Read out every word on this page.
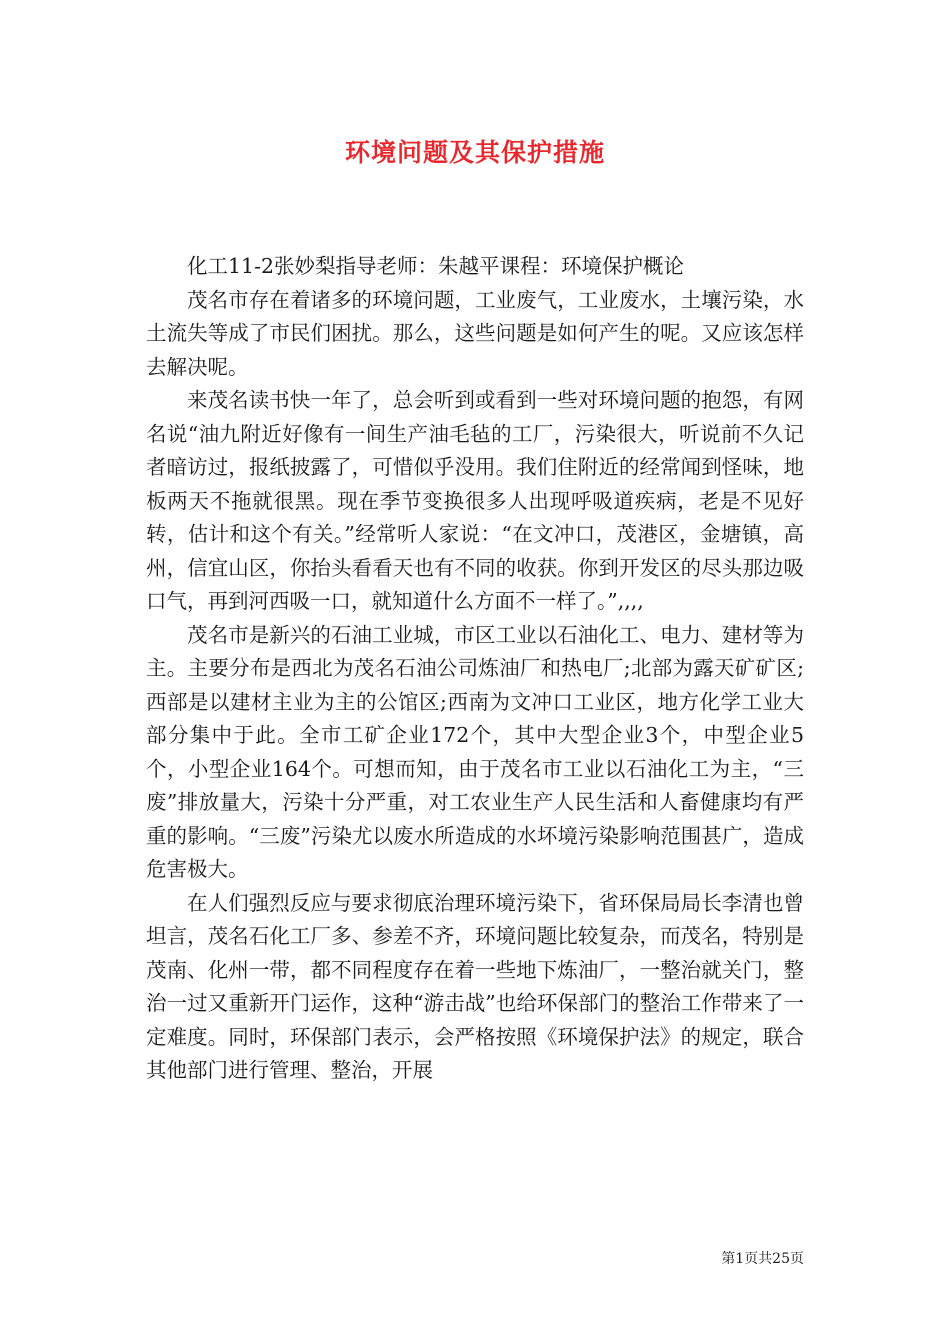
环境问题及其保护措施

化工11-2张妙梨指导老师：朱越平课程：环境保护概论

茂名市存在着诸多的环境问题，工业废气，工业废水，土壤污染，水土流失等成了市民们困扰。那么，这些问题是如何产生的呢。又应该怎样去解决呢。

来茂名读书快一年了，总会听到或看到一些对环境问题的抱怨，有网名说“油九附近好像有一间生产油毛毡的工厂，污染很大，听说前不久记者暗访过，报纸披露了，可惜似乎没用。我们住附近的经常闻到怪味，地板两天不拖就很黑。现在季节变换很多人出现呼吸道疾病，老是不见好转，估计和这个有关。”经常听人家说：“在文冲口，茂港区，金塘镇，高州，信宜山区，你抬头看看天也有不同的收获。你到开发区的尽头那边吸口气，再到河西吸一口，就知道什么方面不一样了。”,,,,

茂名市是新兴的石油工业城，市区工业以石油化工、电力、建材等为主。主要分布是西北为茂名石油公司炼油厂和热电厂;北部为露天矿矿区;西部是以建材主业为主的公馆区;西南为文冲口工业区，地方化学工业大部分集中于此。全市工矿企业172个，其中大型企业3个，中型企业5个，小型企业164个。可想而知，由于茂名市工业以石油化工为主，“三废”排放量大，污染十分严重，对工农业生产人民生活和人畜健康均有严重的影响。“三废”污染尤以废水所造成的水坏境污染影响范围甚广，造成危害极大。

在人们强烈反应与要求彻底治理环境污染下，省环保局局长李清也曾坦言，茂名石化工厂多、参差不齐，环境问题比较复杂，而茂名，特别是茂南、化州一带，都不同程度存在着一些地下炼油厂，一整治就关门，整治一过又重新开门运作，这种“游击战”也给环保部门的整治工作带来了一定难度。同时，环保部门表示，会严格按照《环境保护法》的规定，联合其他部门进行管理、整治，开展

第1页共25页
